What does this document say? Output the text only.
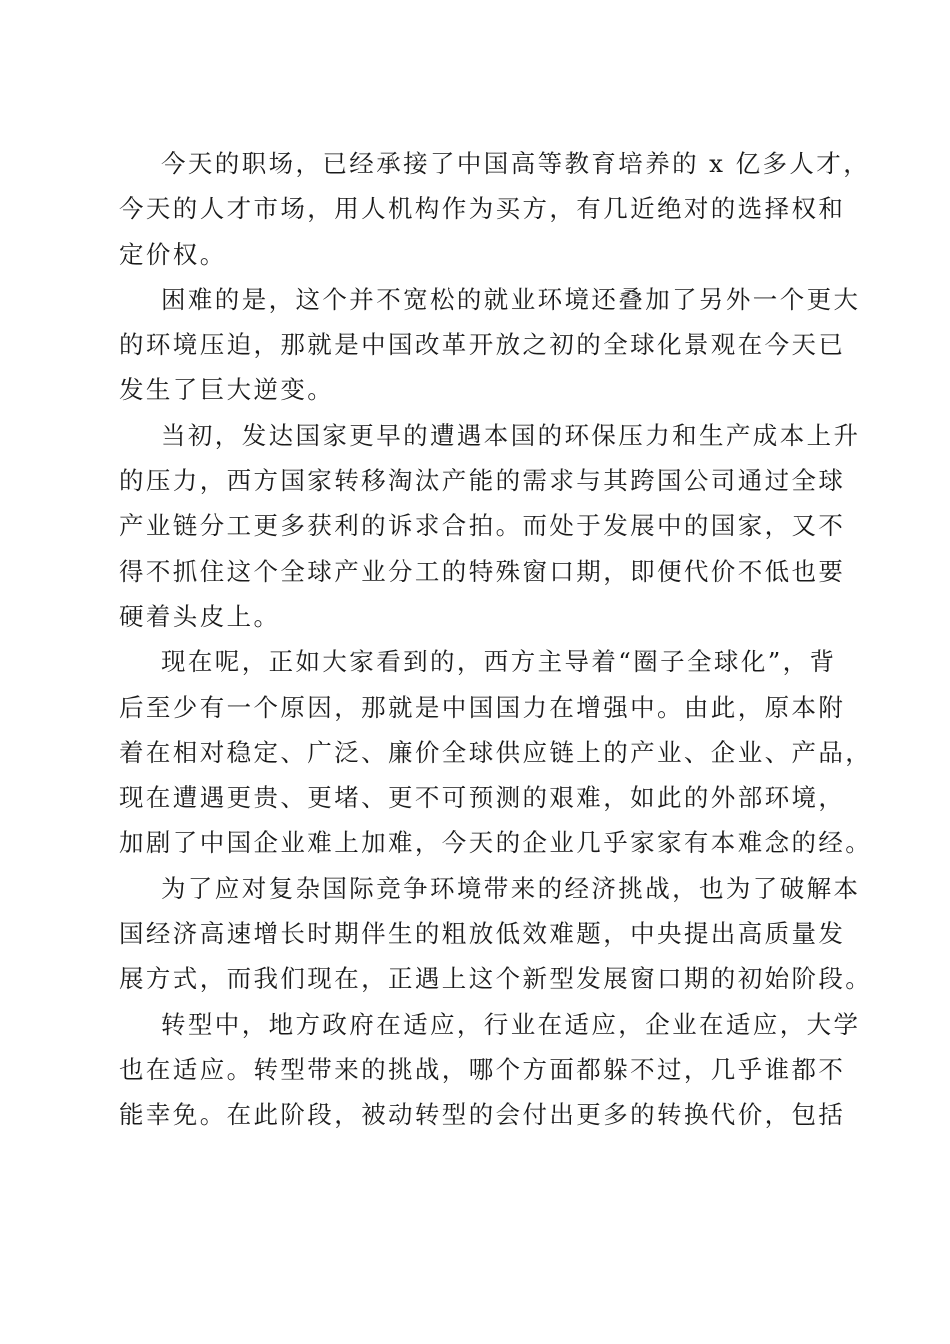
今天的职场，已经承接了中国高等教育培养的 x 亿多人才，
今天的人才市场，用人机构作为买方，有几近绝对的选择权和
定价权。

困难的是，这个并不宽松的就业环境还叠加了另外一个更大
的环境压迫，那就是中国改革开放之初的全球化景观在今天已
发生了巨大逆变。

当初，发达国家更早的遭遇本国的环保压力和生产成本上升
的压力，西方国家转移淘汰产能的需求与其跨国公司通过全球
产业链分工更多获利的诉求合拍。而处于发展中的国家，又不
得不抓住这个全球产业分工的特殊窗口期，即便代价不低也要
硬着头皮上。

现在呢，正如大家看到的，西方主导着“圈子全球化”，背
后至少有一个原因，那就是中国国力在增强中。由此，原本附
着在相对稳定、广泛、廉价全球供应链上的产业、企业、产品，
现在遭遇更贵、更堵、更不可预测的艰难，如此的外部环境，
加剧了中国企业难上加难，今天的企业几乎家家有本难念的经。

为了应对复杂国际竞争环境带来的经济挑战，也为了破解本
国经济高速增长时期伴生的粗放低效难题，中央提出高质量发
展方式，而我们现在，正遇上这个新型发展窗口期的初始阶段。

转型中，地方政府在适应，行业在适应，企业在适应，大学
也在适应。转型带来的挑战，哪个方面都躲不过，几乎谁都不
能幸免。在此阶段，被动转型的会付出更多的转换代价，包括
